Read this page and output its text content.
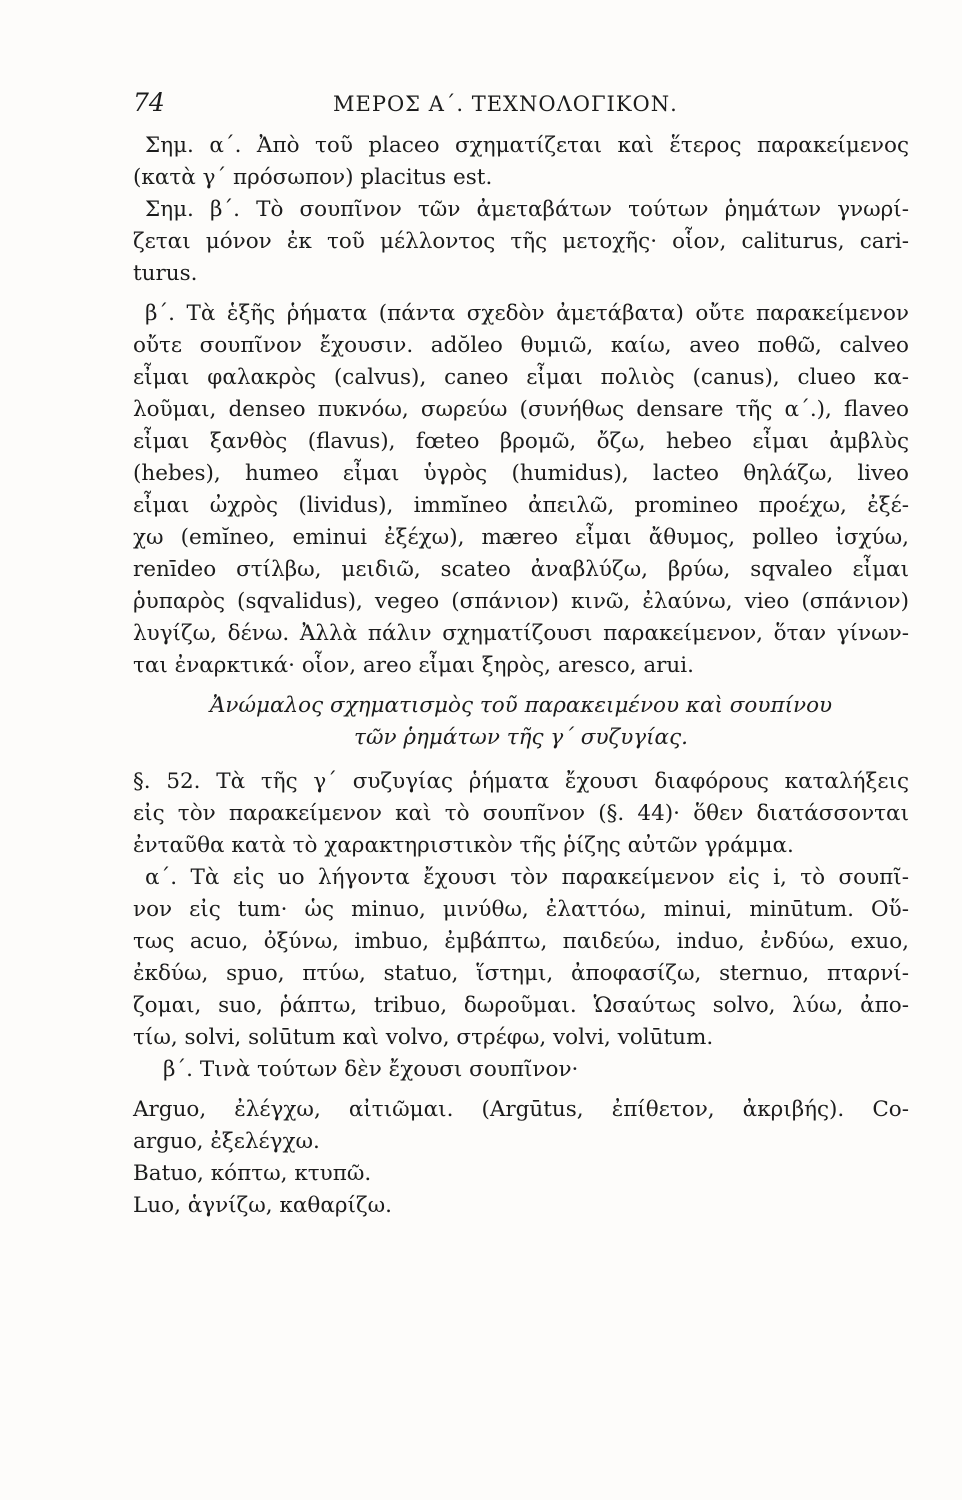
74	ΜΕΡΟΣ Α΄. ΤΕΧΝΟΛΟΓΙΚΟΝ.
Σημ. α΄. Ἀπὸ τοῦ placeo σχηματίζεται καὶ ἕτερος παρακείμενος
(κατὰ γ΄ πρόσωπον) placitus est.
Σημ. β΄. Τὸ σουπῖνον τῶν ἀμεταβάτων τούτων ῥημάτων γνωρί-
ζεται μόνον ἐκ τοῦ μέλλοντος τῆς μετοχῆς· οἷον, caliturus, cari-
turus.
β΄. Τὰ ἑξῆς ῥήματα (πάντα σχεδὸν ἀμετάβατα) οὔτε παρακείμενον
οὔτε σουπῖνον ἔχουσιν. adŏleo θυμιῶ, καίω, aveo ποθῶ, calveo
εἶμαι φαλακρὸς (calvus), caneo εἶμαι πολιὸς (canus), clueo κα-
λοῦμαι, denseo πυκνόω, σωρεύω (συνήθως densare τῆς α΄.), flaveo
εἶμαι ξανθὸς (flavus), fœteo βρομῶ, ὄζω, hebeo εἶμαι ἀμβλὺς
(hebes), humeo εἶμαι ὑγρὸς (humidus), lacteo θηλάζω, liveo
εἶμαι ὠχρὸς (lividus), immĭneo ἀπειλῶ, promineo προέχω, ἐξέ-
χω (emĭneo, eminui ἐξέχω), mæreo εἶμαι ἄθυμος, polleo ἰσχύω,
renīdeo στίλβω, μειδιῶ, scateo ἀναβλύζω, βρύω, sqvaleo εἶμαι
ῥυπαρὸς (sqvalidus), vegeo (σπάνιον) κινῶ, ἐλαύνω, vieo (σπάνιον)
λυγίζω, δένω. Ἀλλὰ πάλιν σχηματίζουσι παρακείμενον, ὅταν γίνων-
ται ἐναρκτικά· οἷον, areo εἶμαι ξηρὸς, aresco, arui.
Ἀνώμαλος σχηματισμὸς τοῦ παρακειμένου καὶ σουπίνου
τῶν ῥημάτων τῆς γ΄ συζυγίας.
§. 52. Τὰ τῆς γ΄ συζυγίας ῥήματα ἔχουσι διαφόρους καταλήξεις
εἰς τὸν παρακείμενον καὶ τὸ σουπῖνον (§. 44)· ὅθεν διατάσσονται
ἐνταῦθα κατὰ τὸ χαρακτηριστικὸν τῆς ῥίζης αὐτῶν γράμμα.
α΄. Τὰ εἰς uo λήγοντα ἔχουσι τὸν παρακείμενον εἰς i, τὸ σουπῖ-
νον εἰς tum· ὡς minuo, μινύθω, ἐλαττόω, minui, minūtum. Οὕ-
τως acuo, ὀξύνω, imbuo, ἐμβάπτω, παιδεύω, induo, ἐνδύω, exuo,
ἐκδύω, spuo, πτύω, statuo, ἵστημι, ἀποφασίζω, sternuo, πταρνί-
ζομαι, suo, ῥάπτω, tribuo, δωροῦμαι. Ὡσαύτως solvo, λύω, ἀπο-
τίω, solvi, solūtum καὶ volvo, στρέφω, volvi, volūtum.
β΄. Τινὰ τούτων δὲν ἔχουσι σουπῖνον·
Arguo, ἐλέγχω, αἰτιῶμαι. (Argūtus, ἐπίθετον, ἀκριβής). Co-
arguo, ἐξελέγχω.
Batuo, κόπτω, κτυπῶ.
Luo, ἁγνίζω, καθαρίζω.
